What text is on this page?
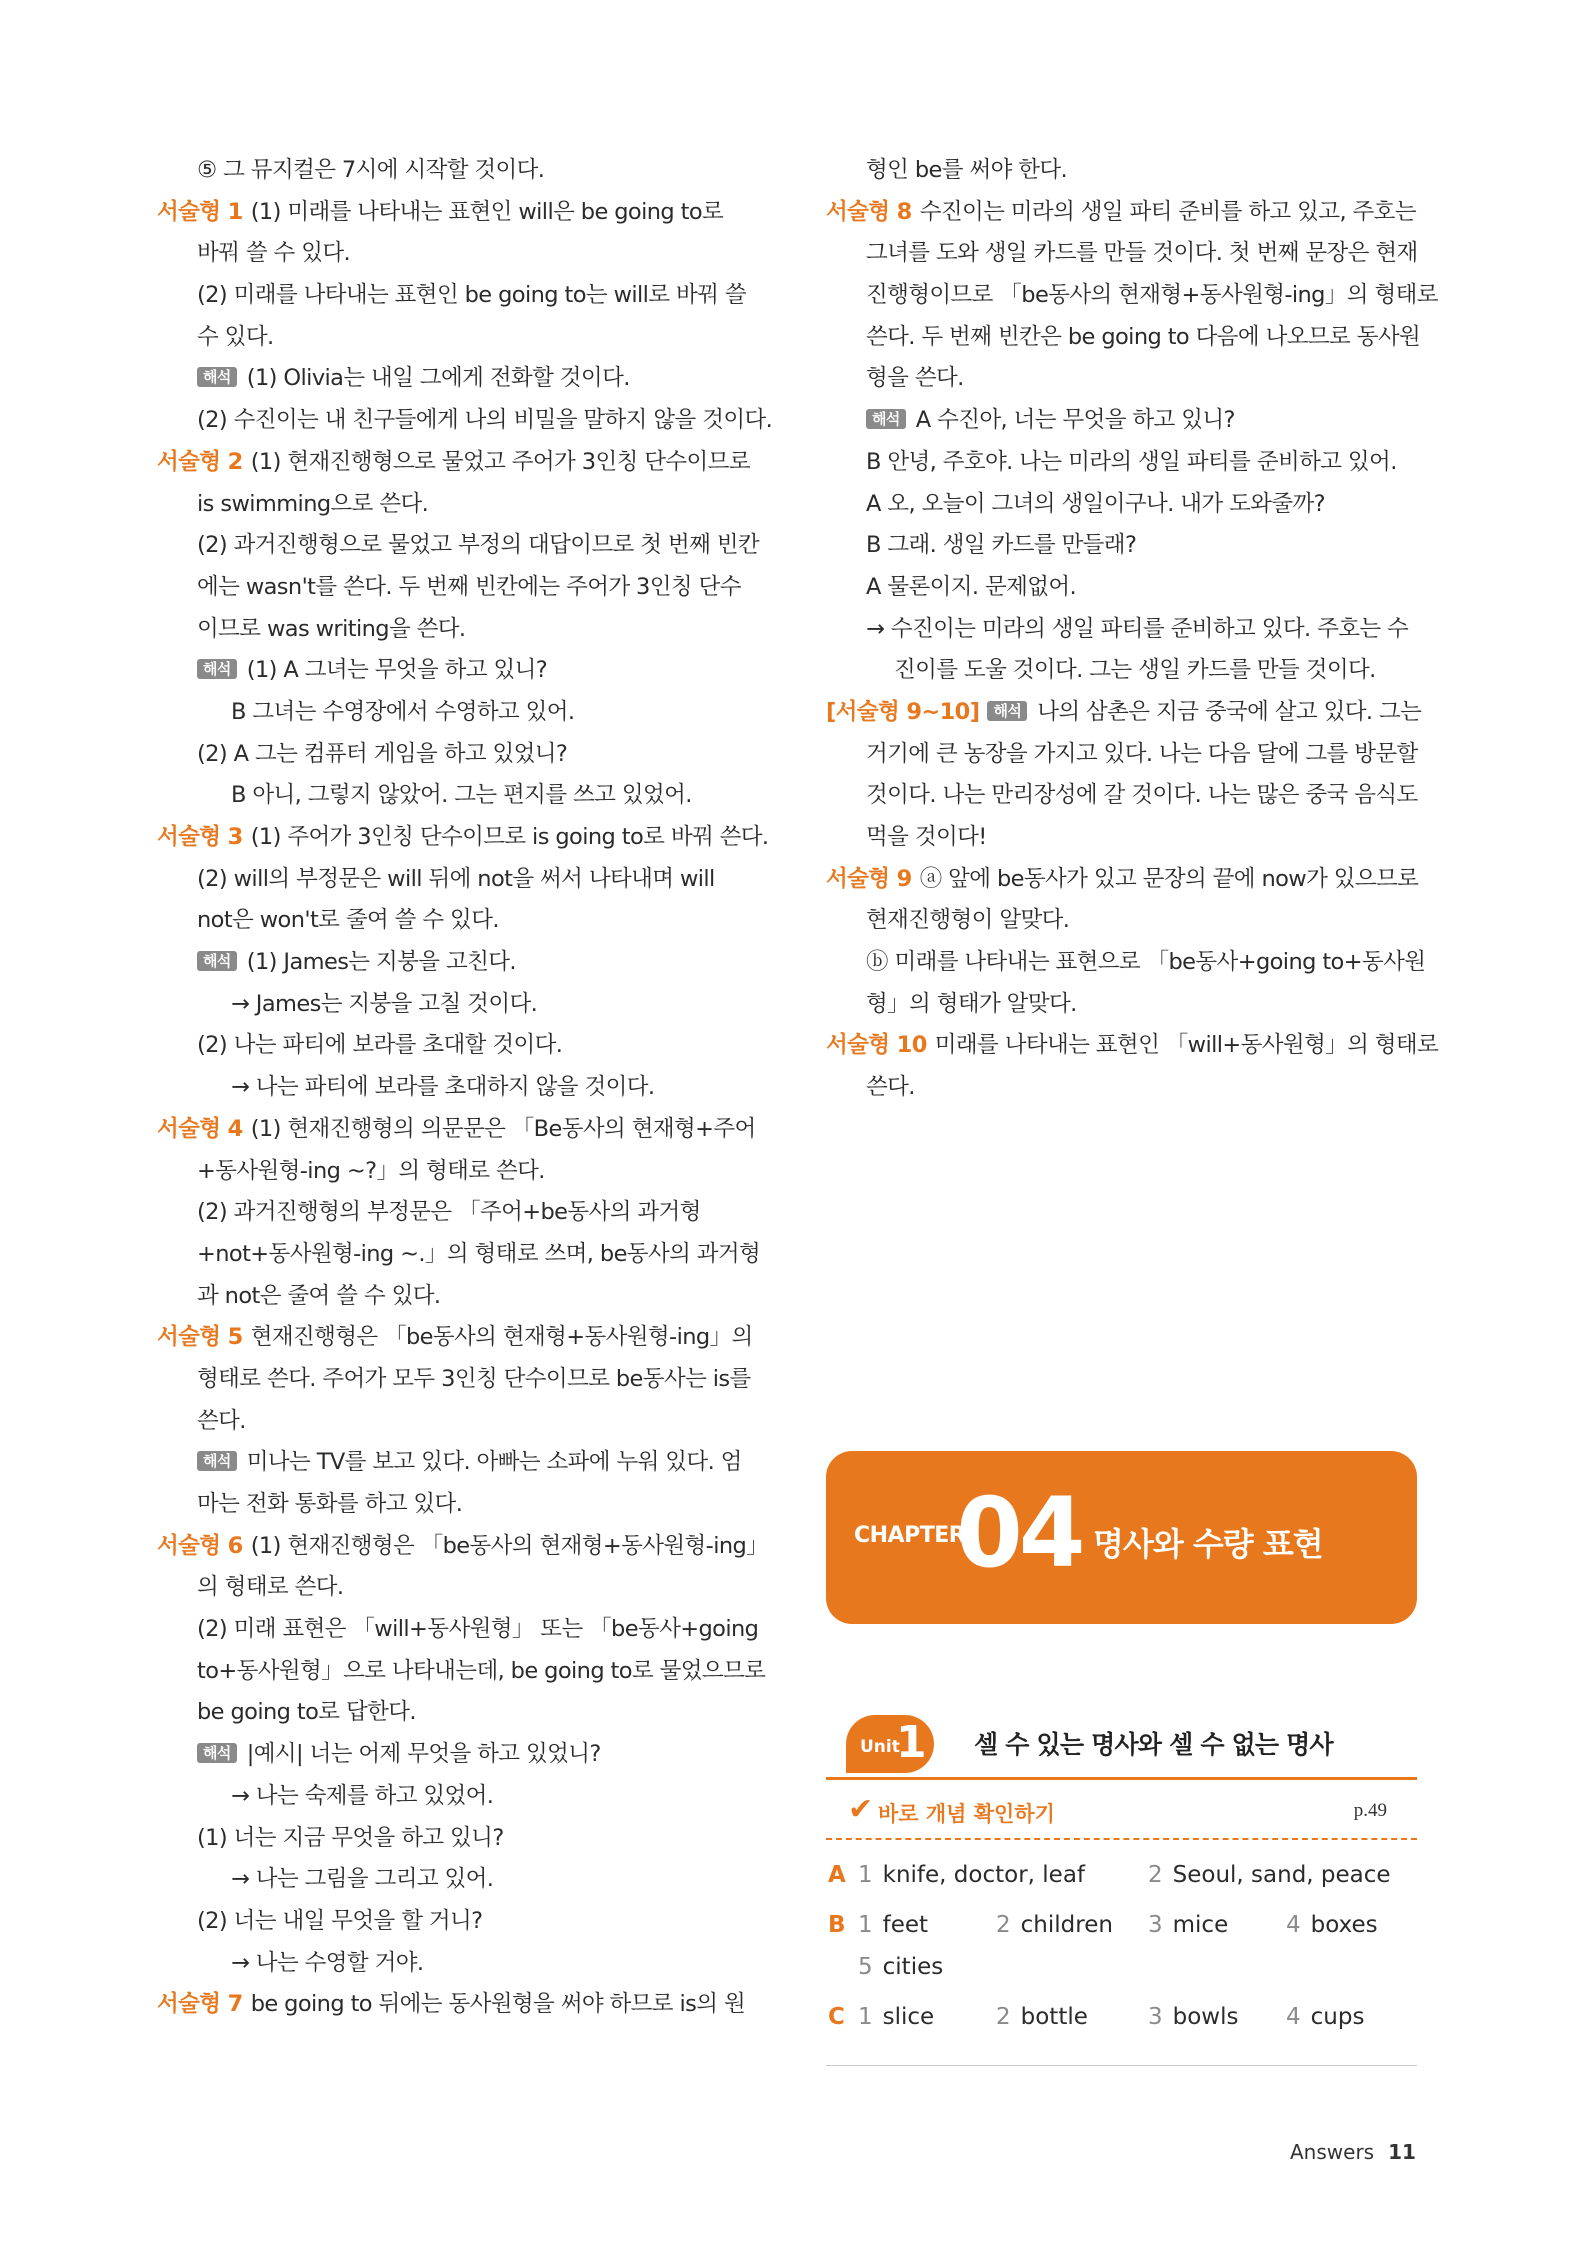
⑤ 그 뮤지컬은 7시에 시작할 것이다.
서술형 1 (1) 미래를 나타내는 표현인 will은 be going to로
바꿔 쓸 수 있다.
(2) 미래를 나타내는 표현인 be going to는 will로 바꿔 쓸
수 있다.
해석 (1) Olivia는 내일 그에게 전화할 것이다.
(2) 수진이는 내 친구들에게 나의 비밀을 말하지 않을 것이다.
서술형 2 (1) 현재진행형으로 물었고 주어가 3인칭 단수이므로
is swimming으로 쓴다.
(2) 과거진행형으로 물었고 부정의 대답이므로 첫 번째 빈칸
에는 wasn't를 쓴다. 두 번째 빈칸에는 주어가 3인칭 단수
이므로 was writing을 쓴다.
해석 (1) A 그녀는 무엇을 하고 있니?
B 그녀는 수영장에서 수영하고 있어.
(2) A 그는 컴퓨터 게임을 하고 있었니?
B 아니, 그렇지 않았어. 그는 편지를 쓰고 있었어.
서술형 3 (1) 주어가 3인칭 단수이므로 is going to로 바꿔 쓴다.
(2) will의 부정문은 will 뒤에 not을 써서 나타내며 will
not은 won't로 줄여 쓸 수 있다.
해석 (1) James는 지붕을 고친다.
→ James는 지붕을 고칠 것이다.
(2) 나는 파티에 보라를 초대할 것이다.
→ 나는 파티에 보라를 초대하지 않을 것이다.
서술형 4 (1) 현재진행형의 의문문은 「Be동사의 현재형+주어
+동사원형-ing ~?」의 형태로 쓴다.
(2) 과거진행형의 부정문은 「주어+be동사의 과거형
+not+동사원형-ing ~.」의 형태로 쓰며, be동사의 과거형
과 not은 줄여 쓸 수 있다.
서술형 5 현재진행형은 「be동사의 현재형+동사원형-ing」의
형태로 쓴다. 주어가 모두 3인칭 단수이므로 be동사는 is를
쓴다.
해석 미나는 TV를 보고 있다. 아빠는 소파에 누워 있다. 엄
마는 전화 통화를 하고 있다.
서술형 6 (1) 현재진행형은 「be동사의 현재형+동사원형-ing」
의 형태로 쓴다.
(2) 미래 표현은 「will+동사원형」 또는 「be동사+going
to+동사원형」으로 나타내는데, be going to로 물었으므로
be going to로 답한다.
해석 |예시| 너는 어제 무엇을 하고 있었니?
→ 나는 숙제를 하고 있었어.
(1) 너는 지금 무엇을 하고 있니?
→ 나는 그림을 그리고 있어.
(2) 너는 내일 무엇을 할 거니?
→ 나는 수영할 거야.
서술형 7 be going to 뒤에는 동사원형을 써야 하므로 is의 원
형인 be를 써야 한다.
서술형 8 수진이는 미라의 생일 파티 준비를 하고 있고, 주호는
그녀를 도와 생일 카드를 만들 것이다. 첫 번째 문장은 현재
진행형이므로 「be동사의 현재형+동사원형-ing」의 형태로
쓴다. 두 번째 빈칸은 be going to 다음에 나오므로 동사원
형을 쓴다.
해석 A 수진아, 너는 무엇을 하고 있니?
B 안녕, 주호야. 나는 미라의 생일 파티를 준비하고 있어.
A 오, 오늘이 그녀의 생일이구나. 내가 도와줄까?
B 그래. 생일 카드를 만들래?
A 물론이지. 문제없어.
→ 수진이는 미라의 생일 파티를 준비하고 있다. 주호는 수
진이를 도울 것이다. 그는 생일 카드를 만들 것이다.
[서술형 9~10] 해석 나의 삼촌은 지금 중국에 살고 있다. 그는
거기에 큰 농장을 가지고 있다. 나는 다음 달에 그를 방문할
것이다. 나는 만리장성에 갈 것이다. 나는 많은 중국 음식도
먹을 것이다!
서술형 9 ⓐ 앞에 be동사가 있고 문장의 끝에 now가 있으므로
현재진행형이 알맞다.
ⓑ 미래를 나타내는 표현으로 「be동사+going to+동사원
형」의 형태가 알맞다.
서술형 10 미래를 나타내는 표현인 「will+동사원형」의 형태로
쓴다.
CHAPTER
04 명사와 수량 표현
Unit
1 셀 수 있는 명사와 셀 수 없는 명사
✔ 바로 개념 확인하기	p.49
A 1 knife, doctor, leaf	2 Seoul, sand, peace
B 1 feet	2 children 3 mice	4 boxes
5 cities
C 1 slice	2 bottle	3 bowls 4 cups
Answers 11
